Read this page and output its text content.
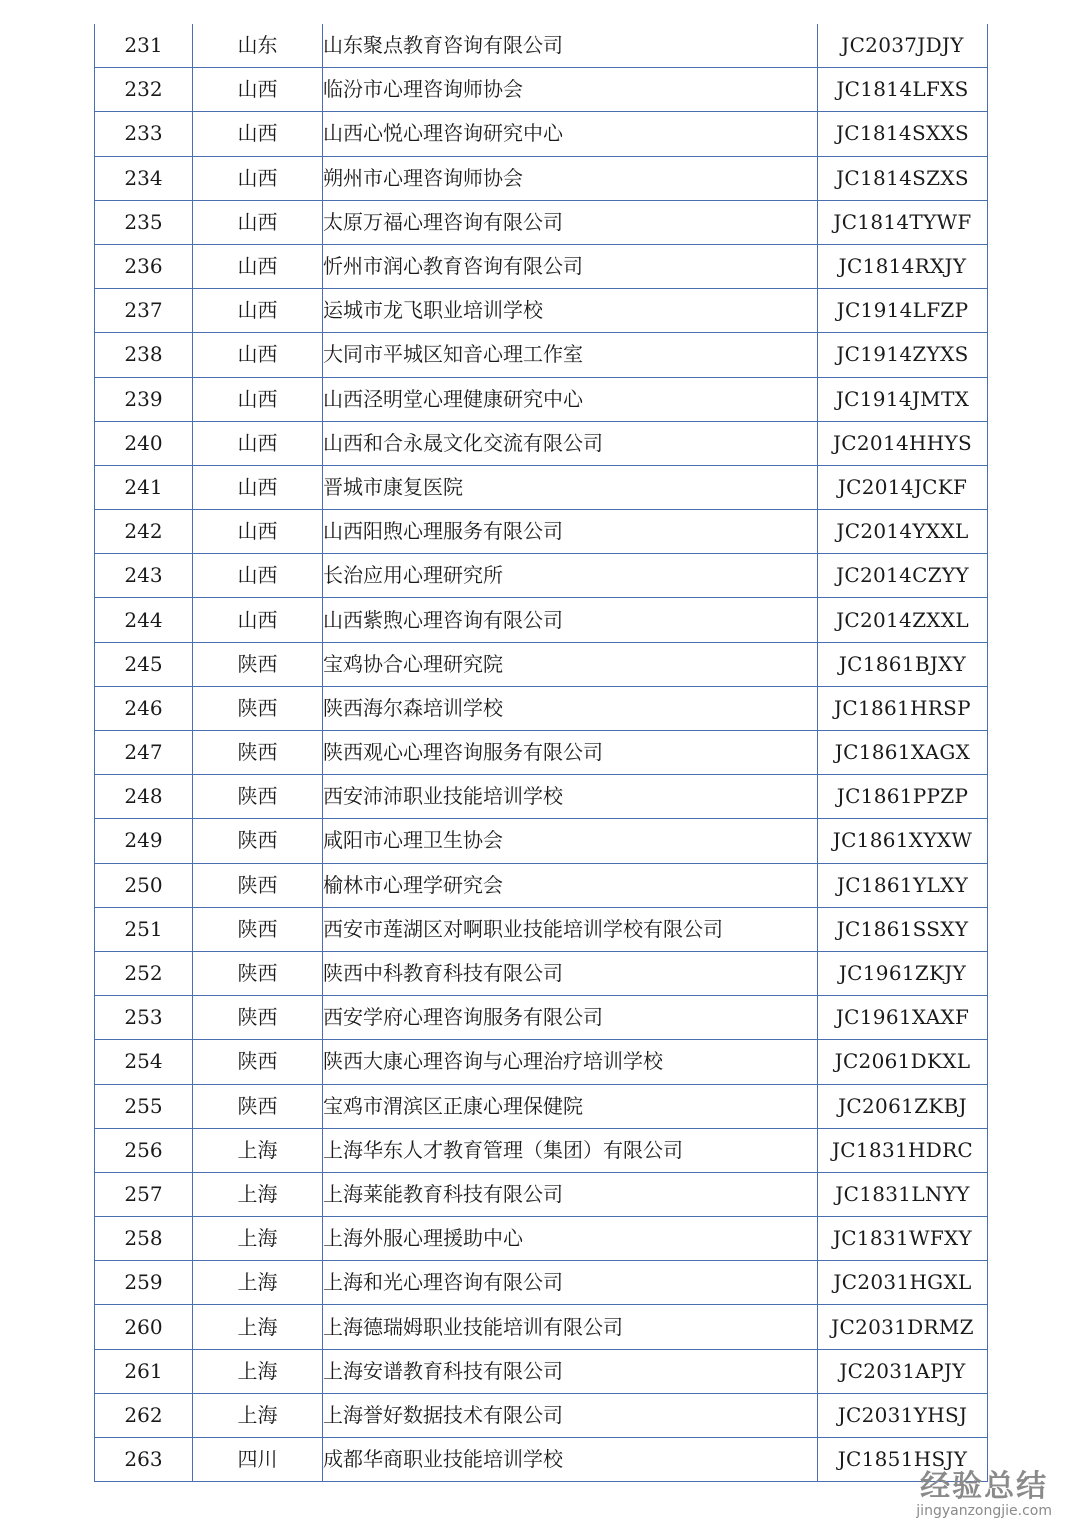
231	山东	山东聚点教育咨询有限公司	JC2037JDJY
232	山西	临汾市心理咨询师协会	JC1814LFXS
233	山西	山西心悦心理咨询研究中心	JC1814SXXS
234	山西	朔州市心理咨询师协会	JC1814SZXS
235	山西	太原万福心理咨询有限公司	JC1814TYWF
236	山西	忻州市润心教育咨询有限公司	JC1814RXJY
237	山西	运城市龙飞职业培训学校	JC1914LFZP
238	山西	大同市平城区知音心理工作室	JC1914ZYXS
239	山西	山西泾明堂心理健康研究中心	JC1914JMTX
240	山西	山西和合永晟文化交流有限公司	JC2014HHYS
241	山西	晋城市康复医院	JC2014JCKF
242	山西	山西阳煦心理服务有限公司	JC2014YXXL
243	山西	长治应用心理研究所	JC2014CZYY
244	山西	山西紫煦心理咨询有限公司	JC2014ZXXL
245	陕西	宝鸡协合心理研究院	JC1861BJXY
246	陕西	陕西海尔森培训学校	JC1861HRSP
247	陕西	陕西观心心理咨询服务有限公司	JC1861XAGX
248	陕西	西安沛沛职业技能培训学校	JC1861PPZP
249	陕西	咸阳市心理卫生协会	JC1861XYXW
250	陕西	榆林市心理学研究会	JC1861YLXY
251	陕西	西安市莲湖区对啊职业技能培训学校有限公司	JC1861SSXY
252	陕西	陕西中科教育科技有限公司	JC1961ZKJY
253	陕西	西安学府心理咨询服务有限公司	JC1961XAXF
254	陕西	陕西大康心理咨询与心理治疗培训学校	JC2061DKXL
255	陕西	宝鸡市渭滨区正康心理保健院	JC2061ZKBJ
256	上海	上海华东人才教育管理（集团）有限公司	JC1831HDRC
257	上海	上海莱能教育科技有限公司	JC1831LNYY
258	上海	上海外服心理援助中心	JC1831WFXY
259	上海	上海和光心理咨询有限公司	JC2031HGXL
260	上海	上海德瑞姆职业技能培训有限公司	JC2031DRMZ
261	上海	上海安谱教育科技有限公司	JC2031APJY
262	上海	上海誉好数据技术有限公司	JC2031YHSJ
263	四川	成都华商职业技能培训学校	JC1851HSJY
经验总结
jingyanzongjie.com
